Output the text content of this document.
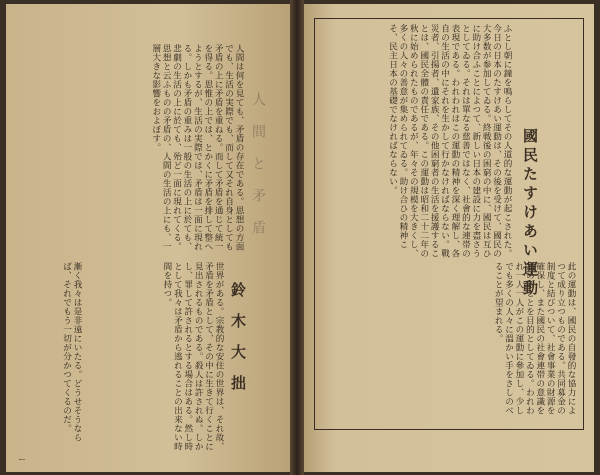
人間は何を見ても、矛盾の存在である。思想の方面でも、生活の実際でも、而して又それ自身としても矛盾の上に矛盾を重ねる。而して矛盾を通じて統一を得る。思惟の上では、とかくに矛盾を排して整へようとするが、生活の実際では、矛盾は一面に現れる。しかも矛盾の重みは一般の生活の上に於ても、悲劇の生活の上に於ても、殆ど一面に現れてくる。思想と云ふものの矛盾の、人間の生活の上にも、一層大きな影響をおよぼす。
漸く我々は是非遠にいたる。どうせそうならば、それでもう一切が分かつてくるのだ。	世界がある。宗教的な安住の世界は、それ故、矛盾を矛盾として、その中に生きて行くことに見出されるものである。殺人は許されぬ。しかし、罪して許されるとする場合はある。然し時として我々は矛盾から逃れることの出来ない時間を持つ。
人間と矛盾
鈴木大拙
ー
國民たすけあい運動
ふとし朝に鐘を鳴らしてその人道的な運動が起こされた。今日の日本のたすけあい運動は、その後を受けて、國民の大多数が参加してゐる。終戦後の困窮の中に、國民は互ひに助け合ふことによつて、新しい日本の建設に力を盡さうとしてゐる。それは單なる慈善ではなく、社會的な連帯の表現である。われわれはこの運動の精神を深く理解し、各自の生活の中にそれを生かして行かなければならない。戰災者、引揚者、遺家族、その他困窮者の生活を援護することは、國民全體の責任である。この運動は昭和二十二年の秋に始められたものであるが、年々その規模を大きくし、多くの人々の善意が集められてゐる。助け合ひの精神こそ、民主日本の基礎でなければならない。
此の運動は、國民の自發的な協力によつて成り立つものである。共同募金の制度と結びついて、社會事業の財源を確保し、また國民の社會連帯の意識を高めることを目的としてゐる。われわれ一人一人がこの運動に參加し、少しでも多くの人々に溫かい手をさしのべることが望まれる。
